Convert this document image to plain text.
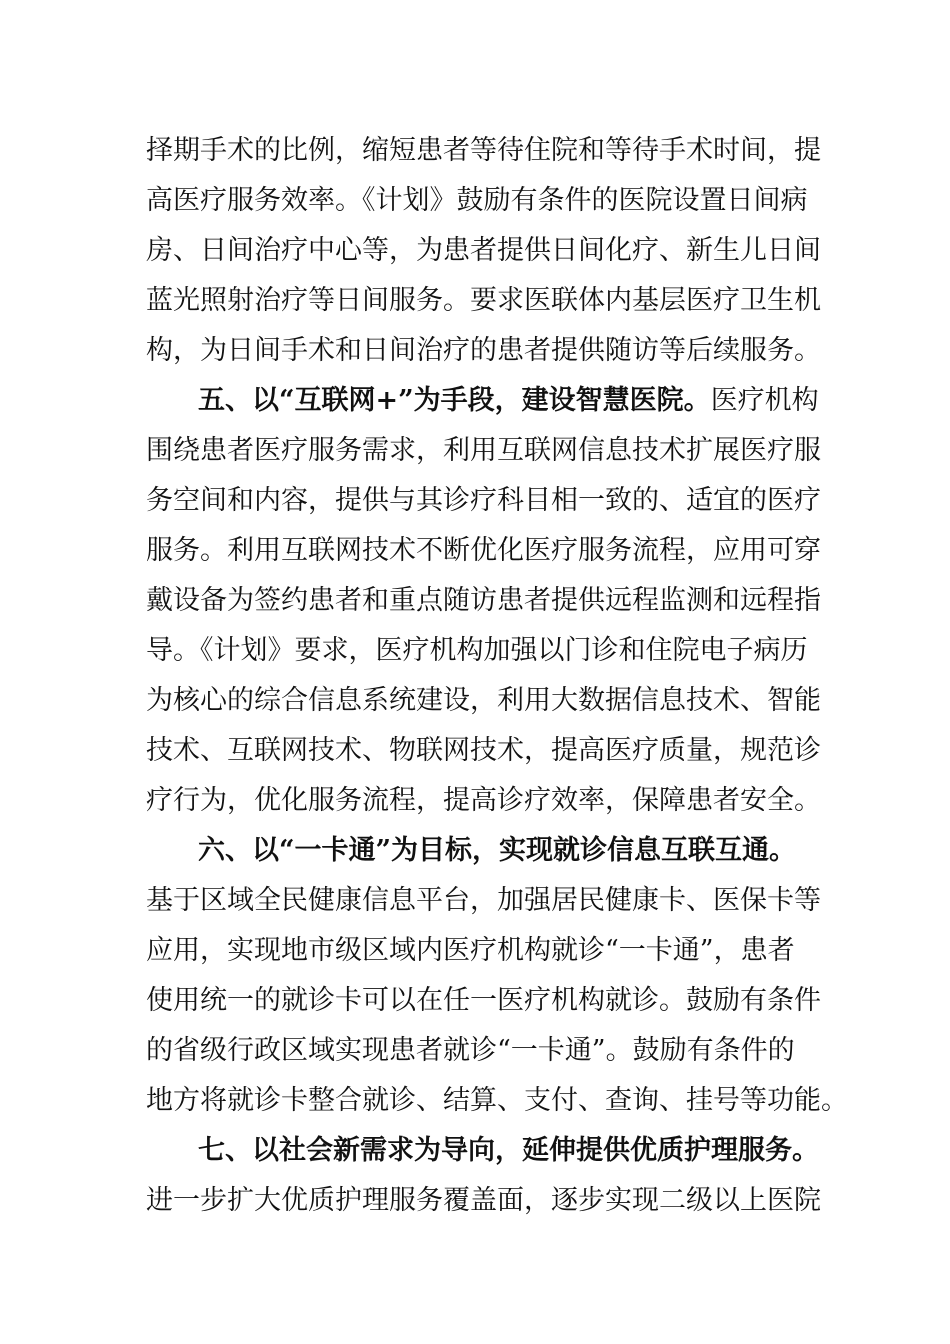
择期手术的比例，缩短患者等待住院和等待手术时间，提
高医疗服务效率。《计划》鼓励有条件的医院设置日间病
房、日间治疗中心等，为患者提供日间化疗、新生儿日间
蓝光照射治疗等日间服务。要求医联体内基层医疗卫生机
构，为日间手术和日间治疗的患者提供随访等后续服务。
五、以“互联网+”为手段，建设智慧医院。医疗机构
围绕患者医疗服务需求，利用互联网信息技术扩展医疗服
务空间和内容，提供与其诊疗科目相一致的、适宜的医疗
服务。利用互联网技术不断优化医疗服务流程，应用可穿
戴设备为签约患者和重点随访患者提供远程监测和远程指
导。《计划》要求，医疗机构加强以门诊和住院电子病历
为核心的综合信息系统建设，利用大数据信息技术、智能
技术、互联网技术、物联网技术，提高医疗质量，规范诊
疗行为，优化服务流程，提高诊疗效率，保障患者安全。
六、以“一卡通”为目标，实现就诊信息互联互通。
基于区域全民健康信息平台，加强居民健康卡、医保卡等
应用，实现地市级区域内医疗机构就诊“一卡通”，患者
使用统一的就诊卡可以在任一医疗机构就诊。鼓励有条件
的省级行政区域实现患者就诊“一卡通”。鼓励有条件的
地方将就诊卡整合就诊、结算、支付、查询、挂号等功能。
七、以社会新需求为导向，延伸提供优质护理服务。
进一步扩大优质护理服务覆盖面，逐步实现二级以上医院
